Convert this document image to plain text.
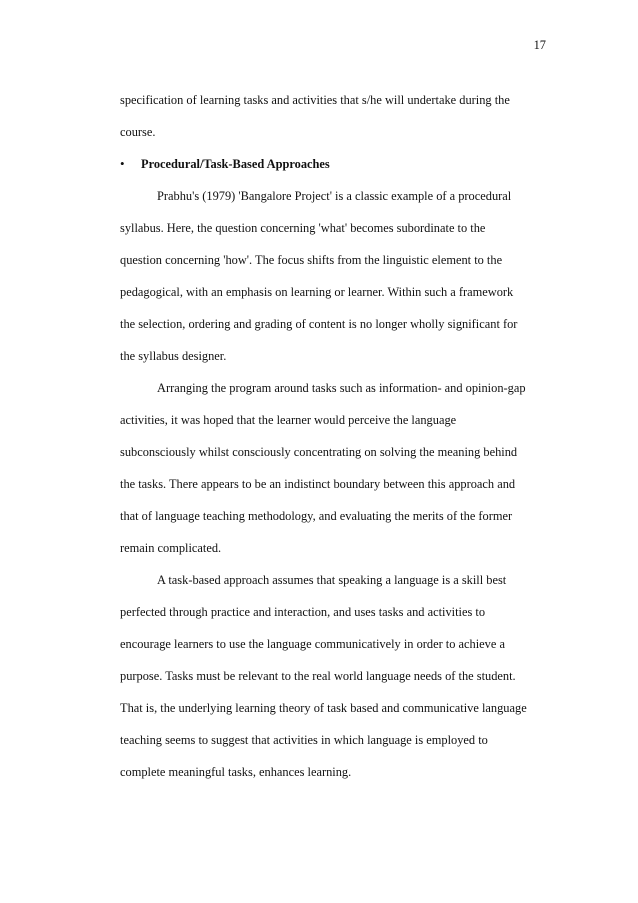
17
specification of learning tasks and activities that s/he will undertake during the
course.
•	Procedural/Task-Based Approaches
Prabhu's (1979) 'Bangalore Project' is a classic example of a procedural
syllabus. Here, the question concerning 'what' becomes subordinate to the
question concerning 'how'. The focus shifts from the linguistic element to the
pedagogical, with an emphasis on learning or learner. Within such a framework
the selection, ordering and grading of content is no longer wholly significant for
the syllabus designer.
Arranging the program around tasks such as information- and opinion-gap
activities, it was hoped that the learner would perceive the language
subconsciously whilst consciously concentrating on solving the meaning behind
the tasks. There appears to be an indistinct boundary between this approach and
that of language teaching methodology, and evaluating the merits of the former
remain complicated.
A task-based approach assumes that speaking a language is a skill best
perfected through practice and interaction, and uses tasks and activities to
encourage learners to use the language communicatively in order to achieve a
purpose. Tasks must be relevant to the real world language needs of the student.
That is, the underlying learning theory of task based and communicative language
teaching seems to suggest that activities in which language is employed to
complete meaningful tasks, enhances learning.
